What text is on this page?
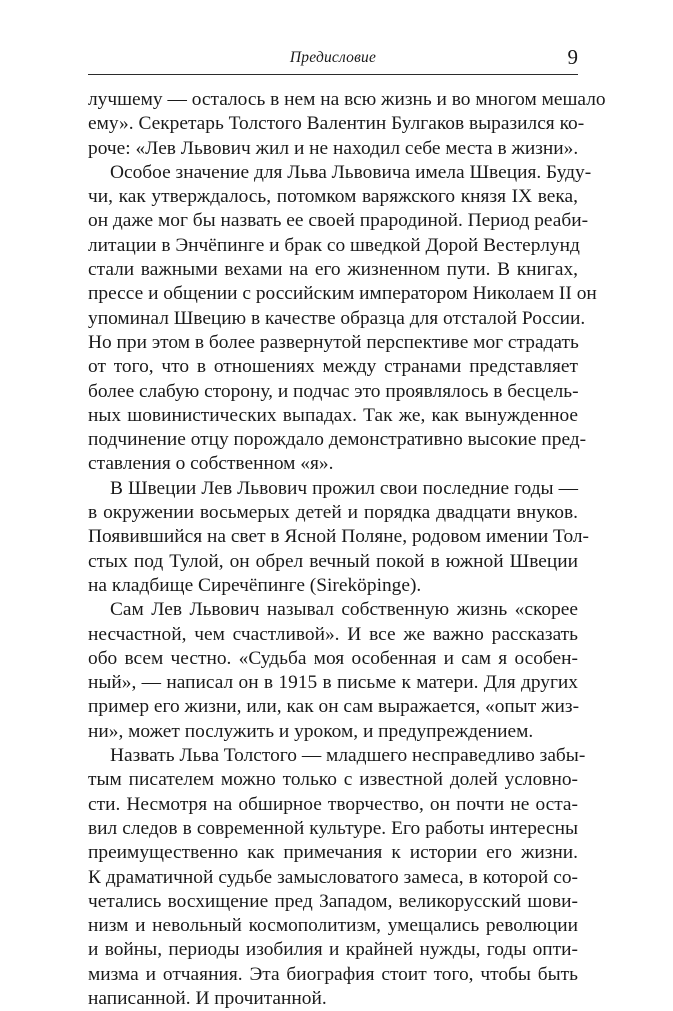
Предисловие	9

лучшему — осталось в нем на всю жизнь и во многом мешало
ему». Секретарь Толстого Валентин Булгаков выразился ко-
роче: «Лев Львович жил и не находил себе места в жизни».

Особое значение для Льва Львовича имела Швеция. Буду-
чи, как утверждалось, потомком варяжского князя IX века,
он даже мог бы назвать ее своей прародиной. Период реаби-
литации в Энчёпинге и брак со шведкой Дорой Вестерлунд
стали важными вехами на его жизненном пути. В книгах,
прессе и общении с российским императором Николаем II он
упоминал Швецию в качестве образца для отсталой России.
Но при этом в более развернутой перспективе мог страдать
от того, что в отношениях между странами представляет
более слабую сторону, и подчас это проявлялось в бесцель-
ных шовинистических выпадах. Так же, как вынужденное
подчинение отцу порождало демонстративно высокие пред-
ставления о собственном «я».

В Швеции Лев Львович прожил свои последние годы —
в окружении восьмерых детей и порядка двадцати внуков.
Появившийся на свет в Ясной Поляне, родовом имении Тол-
стых под Тулой, он обрел вечный покой в южной Швеции
на кладбище Сиречёпинге (Sireköpinge).

Сам Лев Львович называл собственную жизнь «скорее
несчастной, чем счастливой». И все же важно рассказать
обо всем честно. «Судьба моя особенная и сам я особен-
ный», — написал он в 1915 в письме к матери. Для других
пример его жизни, или, как он сам выражается, «опыт жиз-
ни», может послужить и уроком, и предупреждением.

Назвать Льва Толстого — младшего несправедливо забы-
тым писателем можно только с известной долей условно-
сти. Несмотря на обширное творчество, он почти не оста-
вил следов в современной культуре. Его работы интересны
преимущественно как примечания к истории его жизни.
К драматичной судьбе замысловатого замеса, в которой со-
четались восхищение пред Западом, великорусский шови-
низм и невольный космополитизм, умещались революции
и войны, периоды изобилия и крайней нужды, годы опти-
мизма и отчаяния. Эта биография стоит того, чтобы быть
написанной. И прочитанной.
